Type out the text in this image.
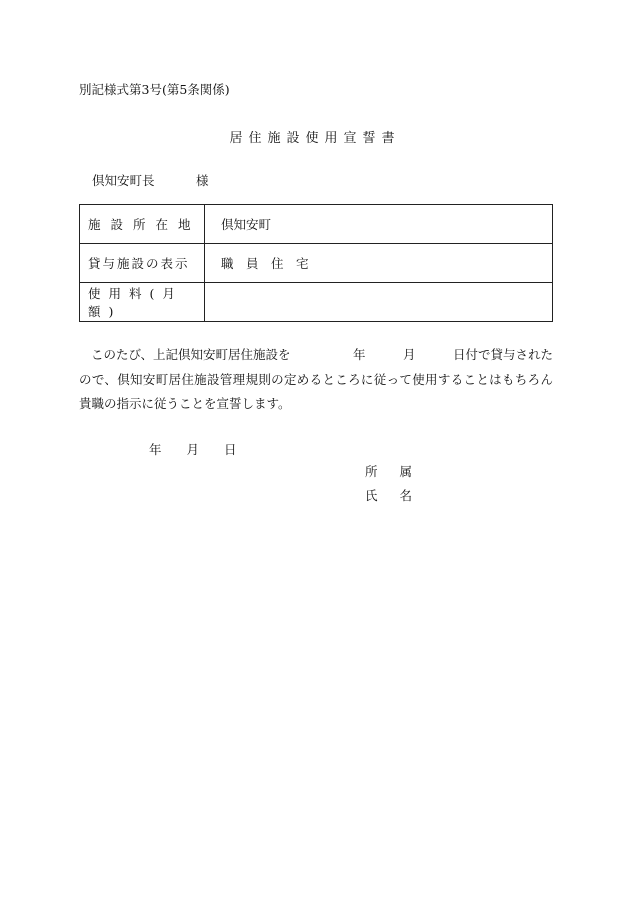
別記様式第3号(第5条関係)
居住施設使用宣誓書
倶知安町長	様
施設所在地	倶知安町
貸与施設の表示	職　員　住　宅
使用料(月額)	
このたび、上記倶知安町居住施設を　　　　　年　　　月　　　日付で貸与されたので、倶知安町居住施設管理規則の定めるところに従って使用することはもちろん貴職の指示に従うことを宣誓します。
年　　月　　日
所属
氏名
